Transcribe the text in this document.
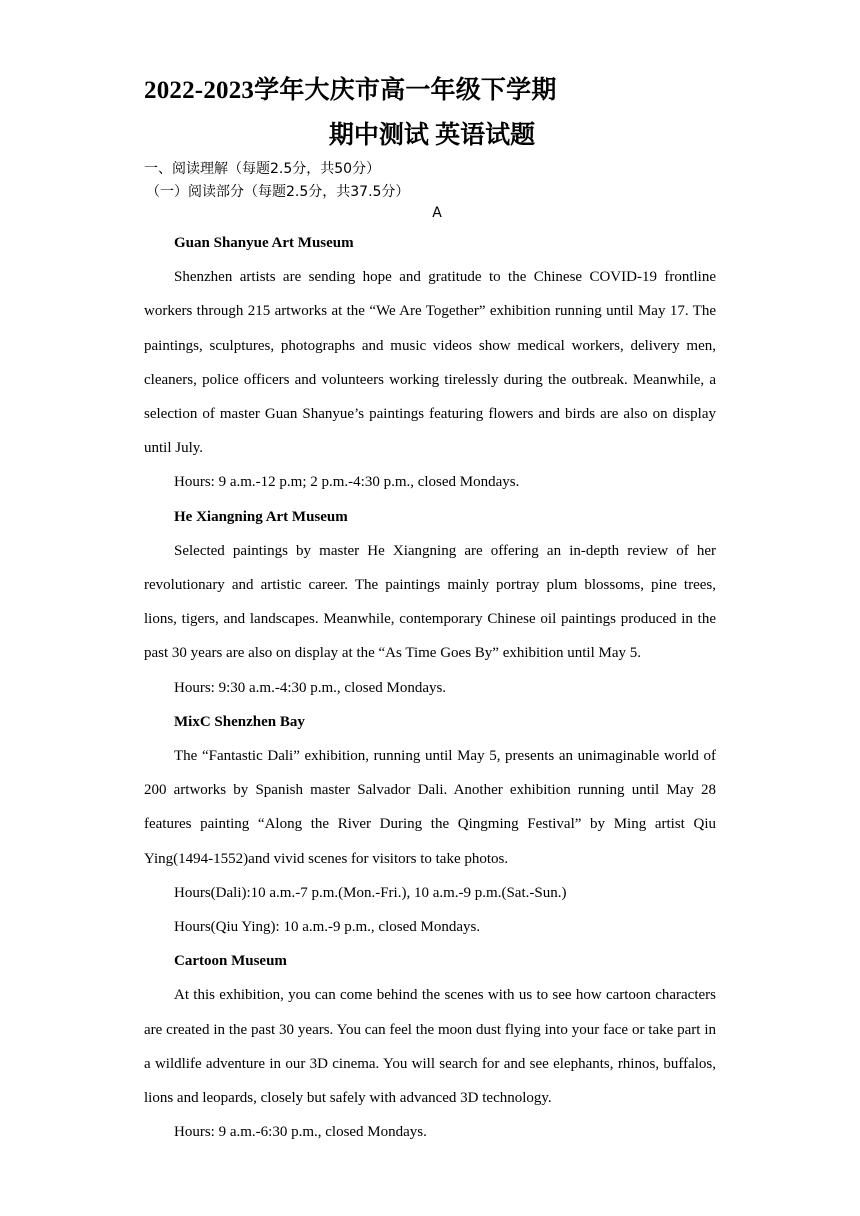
2022-2023学年大庆市高一年级下学期
期中测试 英语试题
一、阅读理解（每题2.5分，共50分）
（一）阅读部分（每题2.5分，共37.5分）
A

Guan Shanyue Art Museum

Shenzhen artists are sending hope and gratitude to the Chinese COVID-19 frontline workers through 215 artworks at the “We Are Together” exhibition running until May 17. The paintings, sculptures, photographs and music videos show medical workers, delivery men, cleaners, police officers and volunteers working tirelessly during the outbreak. Meanwhile, a selection of master Guan Shanyue’s paintings featuring flowers and birds are also on display until July.

Hours: 9 a.m.-12 p.m; 2 p.m.-4:30 p.m., closed Mondays.

He Xiangning Art Museum

Selected paintings by master He Xiangning are offering an in-depth review of her revolutionary and artistic career. The paintings mainly portray plum blossoms, pine trees, lions, tigers, and landscapes. Meanwhile, contemporary Chinese oil paintings produced in the past 30 years are also on display at the “As Time Goes By” exhibition until May 5.

Hours: 9:30 a.m.-4:30 p.m., closed Mondays.

MixC Shenzhen Bay

The “Fantastic Dali” exhibition, running until May 5, presents an unimaginable world of 200 artworks by Spanish master Salvador Dali. Another exhibition running until May 28 features painting “Along the River During the Qingming Festival” by Ming artist Qiu Ying(1494-1552)and vivid scenes for visitors to take photos.

Hours(Dali):10 a.m.-7 p.m.(Mon.-Fri.), 10 a.m.-9 p.m.(Sat.-Sun.)

Hours(Qiu Ying): 10 a.m.-9 p.m., closed Mondays.

Cartoon Museum

At this exhibition, you can come behind the scenes with us to see how cartoon characters are created in the past 30 years. You can feel the moon dust flying into your face or take part in a wildlife adventure in our 3D cinema. You will search for and see elephants, rhinos, buffalos, lions and leopards, closely but safely with advanced 3D technology.

Hours: 9 a.m.-6:30 p.m., closed Mondays.
